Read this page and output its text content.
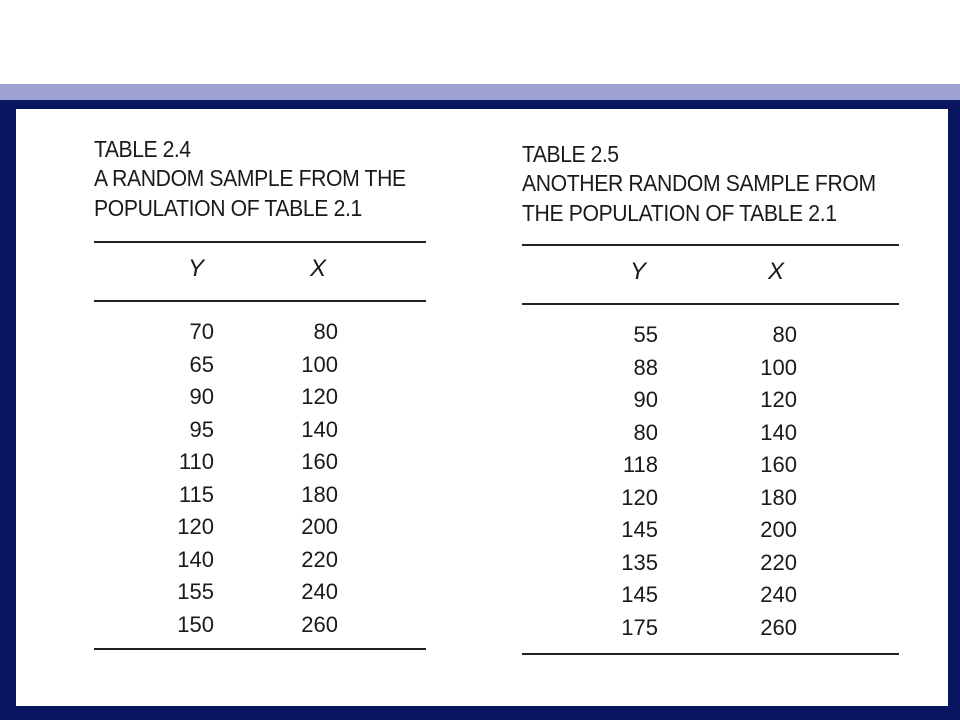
TABLE 2.4
A RANDOM SAMPLE FROM THE
POPULATION OF TABLE 2.1
Y	X
70	80
65	100
90	120
95	140
110	160
115	180
120	200
140	220
155	240
150	260
TABLE 2.5
ANOTHER RANDOM SAMPLE FROM
THE POPULATION OF TABLE 2.1
Y	X
55	80
88	100
90	120
80	140
118	160
120	180
145	200
135	220
145	240
175	260
